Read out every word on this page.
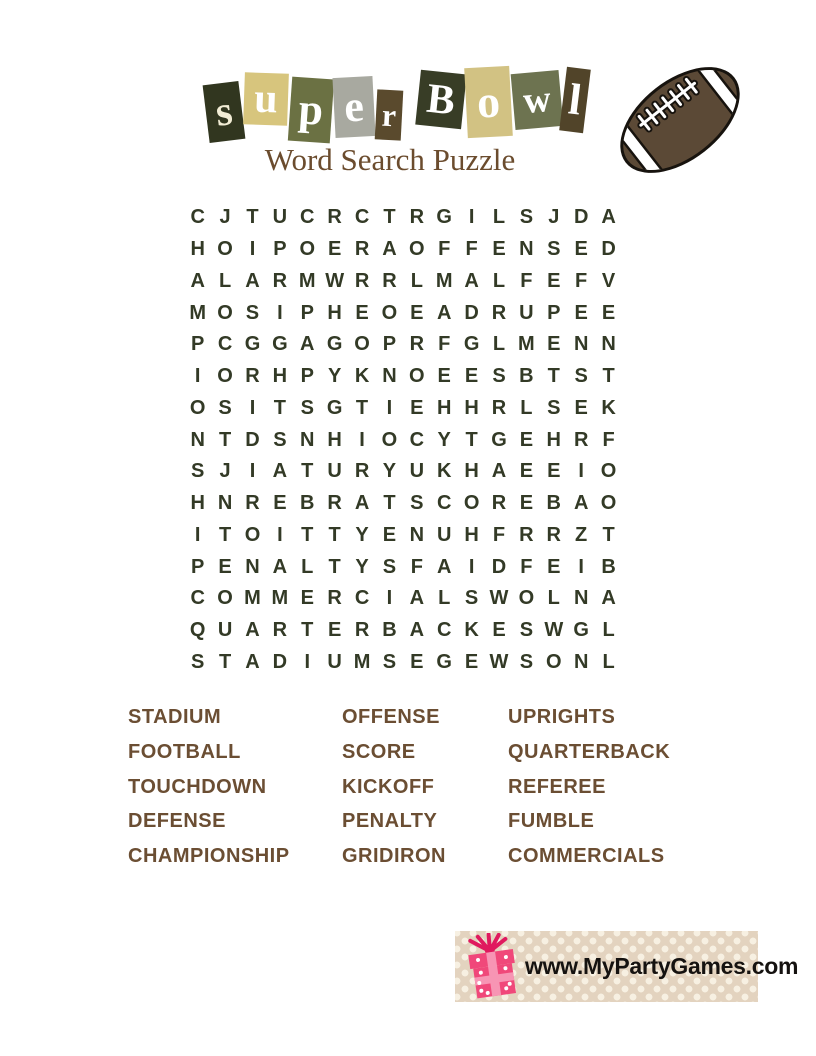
s u p e r B o w l
Word Search Puzzle
C J T U C R C T R G I L S J D A
H O I P O E R A O F F E N S E D
A L A R M W R R L M A L F E F V
M O S I P H E O E A D R U P E E
P C G G A G O P R F G L M E N N
I O R H P Y K N O E E S B T S T
O S I T S G T I E H H R L S E K
N T D S N H I O C Y T G E H R F
S J I A T U R Y U K H A E E I O
H N R E B R A T S C O R E B A O
I T O I T T Y E N U H F R R Z T
P E N A L T Y S F A I D F E I B
C O M M E R C I A L S W O L N A
Q U A R T E R B A C K E S W G L
S T A D I U M S E G E W S O N L
STADIUM
FOOTBALL
TOUCHDOWN
DEFENSE
CHAMPIONSHIP
OFFENSE
SCORE
KICKOFF
PENALTY
GRIDIRON
UPRIGHTS
QUARTERBACK
REFEREE
FUMBLE
COMMERCIALS
www.MyPartyGames.com
